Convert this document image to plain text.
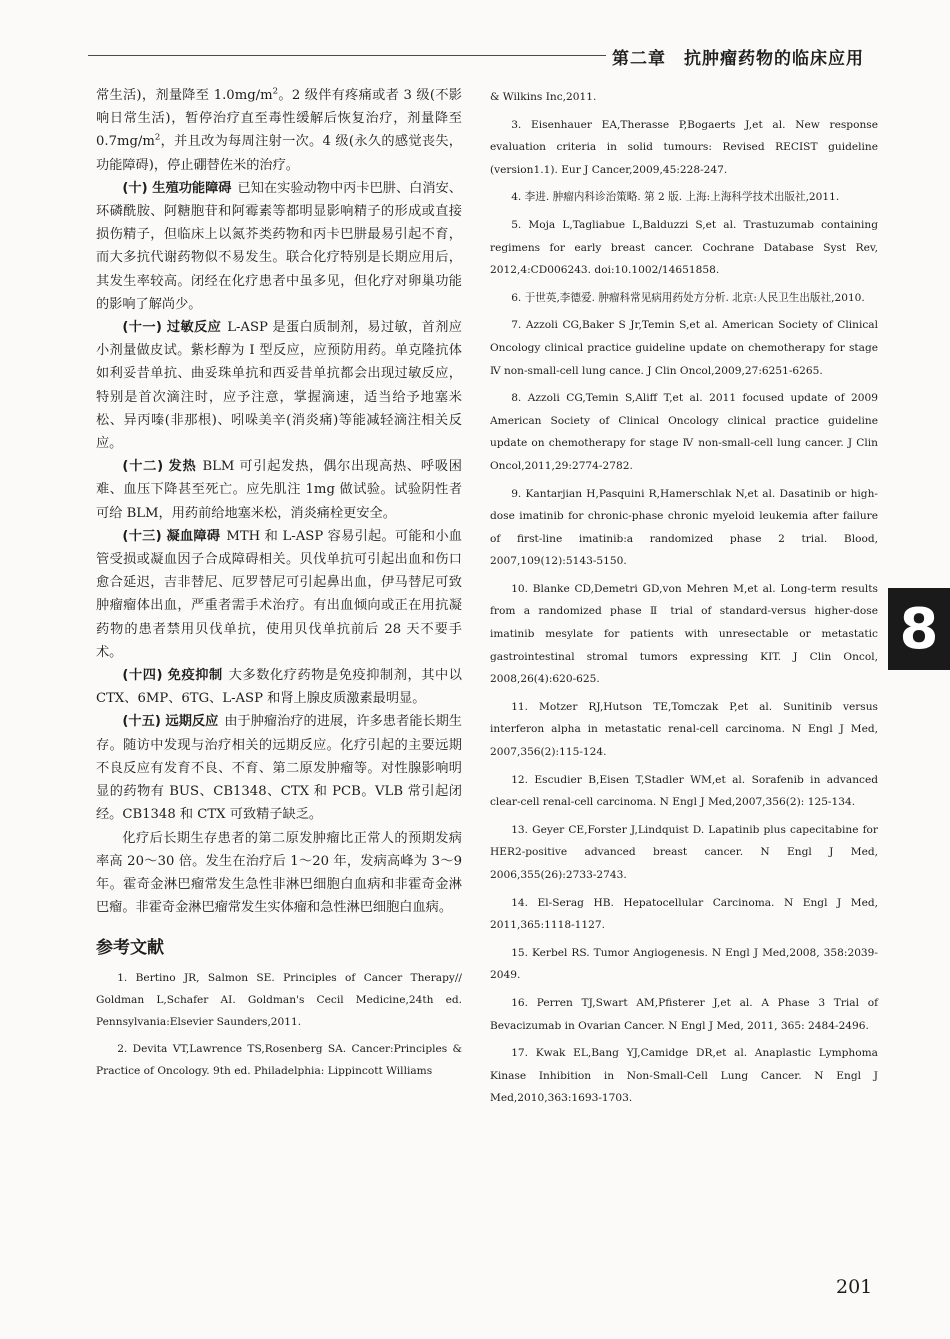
第二章 抗肿瘤药物的临床应用

常生活)，剂量降至 $1.0mg/m^2$。2 级伴有疼痛或者 3 级(不影响日常生活)，暂停治疗直至毒性缓解后恢复治疗，剂量降至 $0.7mg/m^2$，并且改为每周注射一次。4 级(永久的感觉丧失，功能障碍)，停止硼替佐米的治疗。

(十) 生殖功能障碍 已知在实验动物中丙卡巴肼、白消安、环磷酰胺、阿糖胞苷和阿霉素等都明显影响精子的形成或直接损伤精子，但临床上以氮芥类药物和丙卡巴肼最易引起不育，而大多抗代谢药物似不易发生。联合化疗特别是长期应用后，其发生率较高。闭经在化疗患者中虽多见，但化疗对卵巢功能的影响了解尚少。

(十一) 过敏反应 L-ASP 是蛋白质制剂，易过敏，首剂应小剂量做皮试。紫杉醇为 Ⅰ 型反应，应预防用药。单克隆抗体如利妥昔单抗、曲妥珠单抗和西妥昔单抗都会出现过敏反应，特别是首次滴注时，应予注意，掌握滴速，适当给予地塞米松、异丙嗪(非那根)、吲哚美辛(消炎痛)等能减轻滴注相关反应。

(十二) 发热 BLM 可引起发热，偶尔出现高热、呼吸困难、血压下降甚至死亡。应先肌注 1mg 做试验。试验阴性者可给 BLM，用药前给地塞米松，消炎痛栓更安全。

(十三) 凝血障碍 MTH 和 L-ASP 容易引起。可能和小血管受损或凝血因子合成障碍相关。贝伐单抗可引起出血和伤口愈合延迟，吉非替尼、厄罗替尼可引起鼻出血，伊马替尼可致肿瘤瘤体出血，严重者需手术治疗。有出血倾向或正在用抗凝药物的患者禁用贝伐单抗，使用贝伐单抗前后 28 天不要手术。

(十四) 免疫抑制 大多数化疗药物是免疫抑制剂，其中以 CTX、6MP、6TG、L-ASP 和肾上腺皮质激素最明显。

(十五) 远期反应 由于肿瘤治疗的进展，许多患者能长期生存。随访中发现与治疗相关的远期反应。化疗引起的主要远期不良反应有发育不良、不育、第二原发肿瘤等。对性腺影响明显的药物有 BUS、CB1348、CTX 和 PCB。VLB 常引起闭经。CB1348 和 CTX 可致精子缺乏。

化疗后长期生存患者的第二原发肿瘤比正常人的预期发病率高 20～30 倍。发生在治疗后 1～20 年，发病高峰为 3～9 年。霍奇金淋巴瘤常发生急性非淋巴细胞白血病和非霍奇金淋巴瘤。非霍奇金淋巴瘤常发生实体瘤和急性淋巴细胞白血病。

参考文献

1. Bertino JR, Salmon SE. Principles of Cancer Therapy// Goldman L,Schafer AI. Goldman's Cecil Medicine,24th ed. Pennsylvania:Elsevier Saunders,2011.

2. Devita VT,Lawrence TS,Rosenberg SA. Cancer:Principles & Practice of Oncology. 9th ed. Philadelphia: Lippincott Williams

& Wilkins Inc,2011.

3. Eisenhauer EA,Therasse P,Bogaerts J,et al. New response evaluation criteria in solid tumours: Revised RECIST guideline (version1.1). Eur J Cancer,2009,45:228-247.

4. 李进. 肿瘤内科诊治策略. 第 2 版. 上海:上海科学技术出版社,2011.

5. Moja L,Tagliabue L,Balduzzi S,et al. Trastuzumab containing regimens for early breast cancer. Cochrane Database Syst Rev, 2012,4:CD006243. doi:10.1002/14651858.

6. 于世英,李德爱. 肿瘤科常见病用药处方分析. 北京:人民卫生出版社,2010.

7. Azzoli CG,Baker S Jr,Temin S,et al. American Society of Clinical Oncology clinical practice guideline update on chemotherapy for stage Ⅳ non-small-cell lung cance. J Clin Oncol,2009,27:6251-6265.

8. Azzoli CG,Temin S,Aliff T,et al. 2011 focused update of 2009 American Society of Clinical Oncology clinical practice guideline update on chemotherapy for stage Ⅳ non-small-cell lung cancer. J Clin Oncol,2011,29:2774-2782.

9. Kantarjian H,Pasquini R,Hamerschlak N,et al. Dasatinib or high-dose imatinib for chronic-phase chronic myeloid leukemia after failure of first-line imatinib:a randomized phase 2 trial. Blood, 2007,109(12):5143-5150.

10. Blanke CD,Demetri GD,von Mehren M,et al. Long-term results from a randomized phase Ⅱ trial of standard-versus higher-dose imatinib mesylate for patients with unresectable or metastatic gastrointestinal stromal tumors expressing KIT. J Clin Oncol, 2008,26(4):620-625.

11. Motzer RJ,Hutson TE,Tomczak P,et al. Sunitinib versus interferon alpha in metastatic renal-cell carcinoma. N Engl J Med, 2007,356(2):115-124.

12. Escudier B,Eisen T,Stadler WM,et al. Sorafenib in advanced clear-cell renal-cell carcinoma. N Engl J Med,2007,356(2): 125-134.

13. Geyer CE,Forster J,Lindquist D. Lapatinib plus capecitabine for HER2-positive advanced breast cancer. N Engl J Med, 2006,355(26):2733-2743.

14. El-Serag HB. Hepatocellular Carcinoma. N Engl J Med, 2011,365:1118-1127.

15. Kerbel RS. Tumor Angiogenesis. N Engl J Med,2008, 358:2039-2049.

16. Perren TJ,Swart AM,Pfisterer J,et al. A Phase 3 Trial of Bevacizumab in Ovarian Cancer. N Engl J Med, 2011, 365: 2484-2496.

17. Kwak EL,Bang YJ,Camidge DR,et al. Anaplastic Lymphoma Kinase Inhibition in Non-Small-Cell Lung Cancer. N Engl J Med,2010,363:1693-1703.

8
201
